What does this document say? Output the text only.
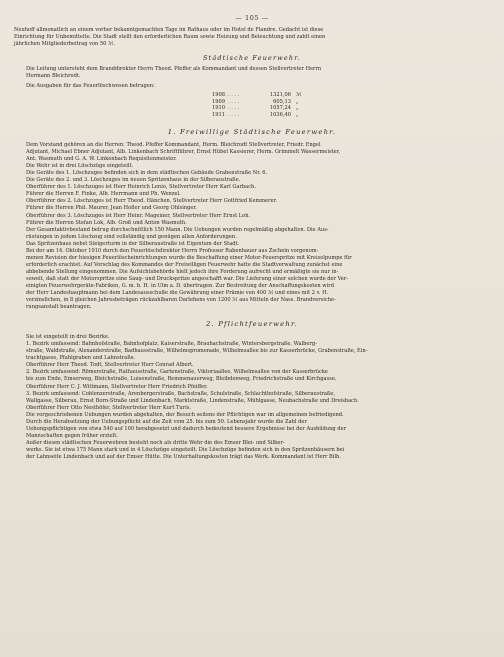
— 105 —

Neuhoff allmonatlich an einem vorher bekanntgemachten Tage im Rathaus oder im Hotel de Flandre. Gedacht ist diese
Einrichtung für Unbemittelte. Die Stadt stellt den erforderlichen Raum sowie Heizung und Beleuchtung und zahlt einen
jährlichen Mitgliederbeitrag von 50 ℳ.

Städtische Feuerwehr.

Die Leitung untersteht dem Branddirektor Herrn Theod. Pfeffer als Kommandant und dessen Stellvertreter Herrn
Hermann Bleichrodt.

Die Ausgaben für das Feuerlöschwesen betrugen:

1908	. . . .	1321,06	ℳ
1909	. . . .	605,13	„
1910	. . . .	1057,24	„
1911	. . . .	1036,40	„
1. Freiwillige Städtische Feuerwehr.

Dem Vorstand gehören an die Herren: Theod. Pfeffer Kommandant, Herm. Bleichrodt Stellvertreter, Friedr. Engel
Adjutant, Michael Ebner Adjutant, Alb. Linkenbach Schriftführer, Ernst Hübel Kassierer, Herm. Grimmelt Wassermeister,
Ant. Wasmuth und G. A. W. Linkenbach Requisitenmeister.

Die Wehr ist in drei Löschzüge eingeteilt.

Die Geräte des 1. Löschzuges befinden sich in dem städtischen Gebäude Grabenstraße Nr. 6.

Die Geräte des 2. und 3. Löschzuges im neuen Spritzenhaus in der Silberaustraße.

Oberführer des 1. Löschzuges ist Herr Heinrich Lenio, Stellvertreter Herr Karl Garbach.
Führer die Herren F. Finke, Alb. Herrmann und Ph. Wenzel.

Oberführer des 2. Löschzuges ist Herr Theod. Hänchen, Stellvertreter Herr Gottfried Kemmerer.
Führer die Herren Phil. Maurer, Jean Hofler und Georg Ohlsinger.

Oberführer des 3. Löschzuges ist Herr Heinr. Mageiner, Stellvertreter Herr Ernst Loh.
Führer die Herren Stefan Lok, Alb. Groß und Anton Wasmuth.

Der Gesamtaktivbestand betrug durchschnittlich 150 Mann. Die Uebungen wurden regelmäßig abgehalten. Die Aus-
rüstungen in jedem Löschzug sind vollständig und genügen allen Anforderungen.

Das Spritzenhaus nebst Steigerturm in der Silberaustraße ist Eigentum der Stadt.

Bei der am 14. Oktober 1910 durch den Feuerlöschdirektor Herrn Professor Rabenhauer aus Zschein vorgenom-
menen Revision der hiesigen Feuerlöscheinrichtungen wurde die Beschaffung einer Motor-Feuerspritze mit Kreiselpumpe für
erforderlich erachtet. Auf Vorschlag des Kommandos der Freiwilligen Feuerwehr hatte die Stadtverwaltung zunächst eine
abbebende Stellung eingenommen. Die Aufsichtsbehörde hielt jedoch ihre Forderung aufrecht und ermäßigte sie nur in-
soweit, daß statt der Motorspritze eine Saug- und Druckspritze angeschafft war. Die Lieferung einer solchen wurde der Ver-
einigten Feuerwehrgeräte-Fabriken, G. m. b. H. in Ulm a. D. übertragen. Zur Bestreitung der Anschaffungskosten wird
der Herr Landeshauptmann bei dem Landesausschuße die Gewährung einer Prämie von 400 ℳ und eines mit 2 v. H.
verzinslichen, in 8 gleichen Jahresbeträgen rückzahlbaren Darlehens von 1200 ℳ aus Mitteln der Nass. Brandversiche-
rungsanstalt beantragen.

2. Pflichtfeuerwehr.

Sie ist eingeteilt in drei Bezirke.

1. Bezirk umfassend: Bahnhofstraße, Bahnhofplatz, Kaiserstraße, Brauhachstraße, Wintersbergstraße, Walberg-
straße, Waldstraße, Alexanderstraße, Badhausstraße, Wilhelmspromenade, Wilhelmsallee bis zur Kasserbrücke, Grabenstraße, Ein-
trachtgasse, Pfahlgraben und Lahnstraße.
Oberführer Herr Theod. Todt, Stellvertreter Herr Conrad Albert.

2. Bezirk umfassend: Römerstraße, Rathausstraße, Gartenstraße, Viktoriaallee, Wilhelmsallee von der Kasserbrücke
bis zum Ende, Emserweg, Bleichstraße, Luisenstraße, Remmenauerweg, Bleibdenweg, Friedrichstraße und Kirchgasse.
Oberführer Herr C. J. Wittmann, Stellvertreter Herr Friedrich Pfeiffer.

3. Bezirk umfassend: Coblenzerstraße, Arenbergerstraße, Bachstraße, Schulstraße, Schlachthofstraße, Silberaustraße,
Wallgasse, Silberau, Ernst Born-Straße und Lindenbach, Marktstraße, Lindenstraße, Mühlgasse, Neubachstraße und Dreisbach.
Oberführer Herr Otto Nesthöfer, Stellvertreter Herr Kurt Turis.

Die vorgeschriebenen Uebungen wurden abgehalten, der Besuch seitens der Pflichtigen war im allgemeinen befriedigend.

Durch die Herabsetzung der Uebungspflicht auf die Zeit vom 25. bis zum 50. Lebensjahr wurde die Zahl der
Uebungspflichtigen von etwa 540 auf 100 herabgesetzt und dadurch bedeutend bessere Ergebnisse bei der Ausbildung der
Mannschaften gegen früher erzielt.

Außer diesen städtischen Feuerwehren besteht noch als dritte Wehr die des Emser Blei- und Silber-
werks. Sie ist etwa 175 Mann stark und in 4 Löschzüge eingeteilt. Die Löschzüge befinden sich in den Spritzenhäusern bei
der Lahnseite Lindenbach und auf der Emser Hütte. Die Unterhaltungskosten trägt das Werk. Kommandant ist Herr Bilh.
